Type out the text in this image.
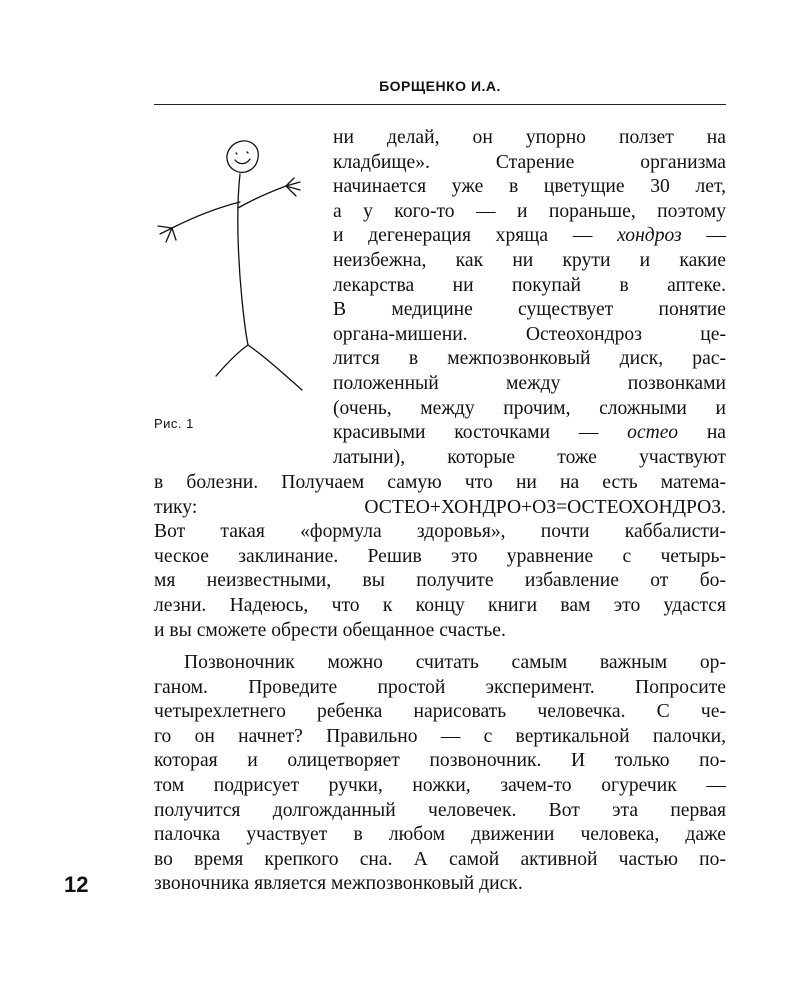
БОРЩЕНКО И.А.
Рис. 1
ни делай, он упорно ползет на
кладбище». Старение организма
начинается уже в цветущие 30 лет,
а у кого-то — и пораньше, поэтому
и дегенерация хряща — хондроз —
неизбежна, как ни крути и какие
лекарства ни покупай в аптеке.
В медицине существует понятие
органа-мишени. Остеохондроз це-
лится в межпозвонковый диск, рас-
положенный между позвонками
(очень, между прочим, сложными и
красивыми косточками — остео на
латыни), которые тоже участвуют
в болезни. Получаем самую что ни на есть матема-
тику: ОСТЕО+ХОНДРО+ОЗ=ОСТЕОХОНДРОЗ.
Вот такая «формула здоровья», почти каббалисти-
ческое заклинание. Решив это уравнение с четырь-
мя неизвестными, вы получите избавление от бо-
лезни. Надеюсь, что к концу книги вам это удастся
и вы сможете обрести обещанное счастье.
Позвоночник можно считать самым важным ор-
ганом. Проведите простой эксперимент. Попросите
четырехлетнего ребенка нарисовать человечка. С че-
го он начнет? Правильно — с вертикальной палочки,
которая и олицетворяет позвоночник. И только по-
том подрисует ручки, ножки, зачем-то огуречик —
получится долгожданный человечек. Вот эта первая
палочка участвует в любом движении человека, даже
во время крепкого сна. А самой активной частью по-
звоночника является межпозвонковый диск.
12
